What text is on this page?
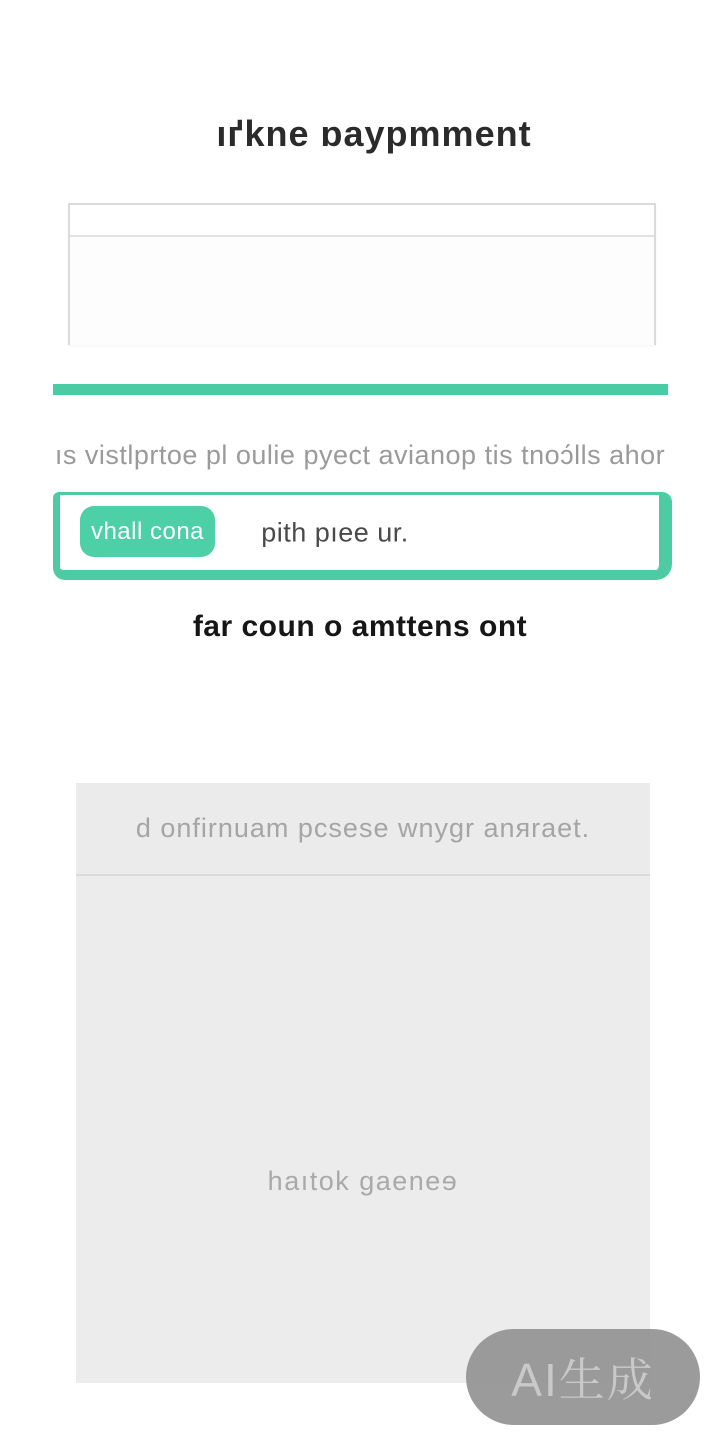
ıґkne ɒaypmment

ıs vistlprtoe pl oulie pyect avianop tis tnoɔ́lls ahor

vhall cona	pith pıee ur.
far coun o amttens ont
d onfirnuam pcsese wnygr anяraet.
haıtok gaeneɘ
AI生成
